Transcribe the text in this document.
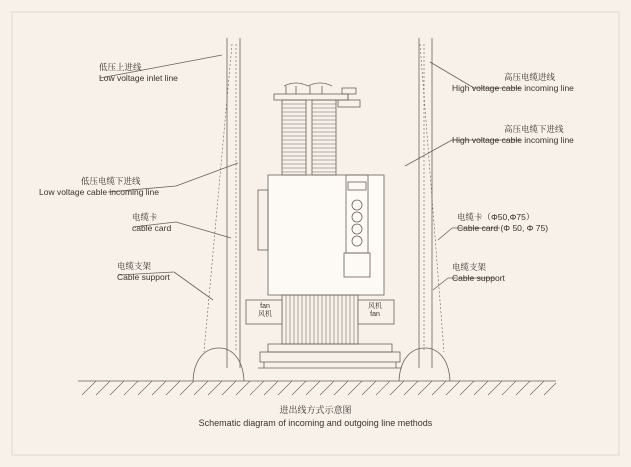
低压上进线
Low voltage inlet line
低压电缆下进线
Low voltage cable incoming line
电缆卡
cable card
电缆支架
Cable support
高压电缆进线
High voltage cable incoming line
高压电缆下进线
High voltage cable incoming line
电缆卡（Φ50,Φ75）
Cable card (Φ 50, Φ 75)
电缆支架
Cable support
fan
风机
风机
fan
进出线方式示意图
Schematic diagram of incoming and outgoing line methods
